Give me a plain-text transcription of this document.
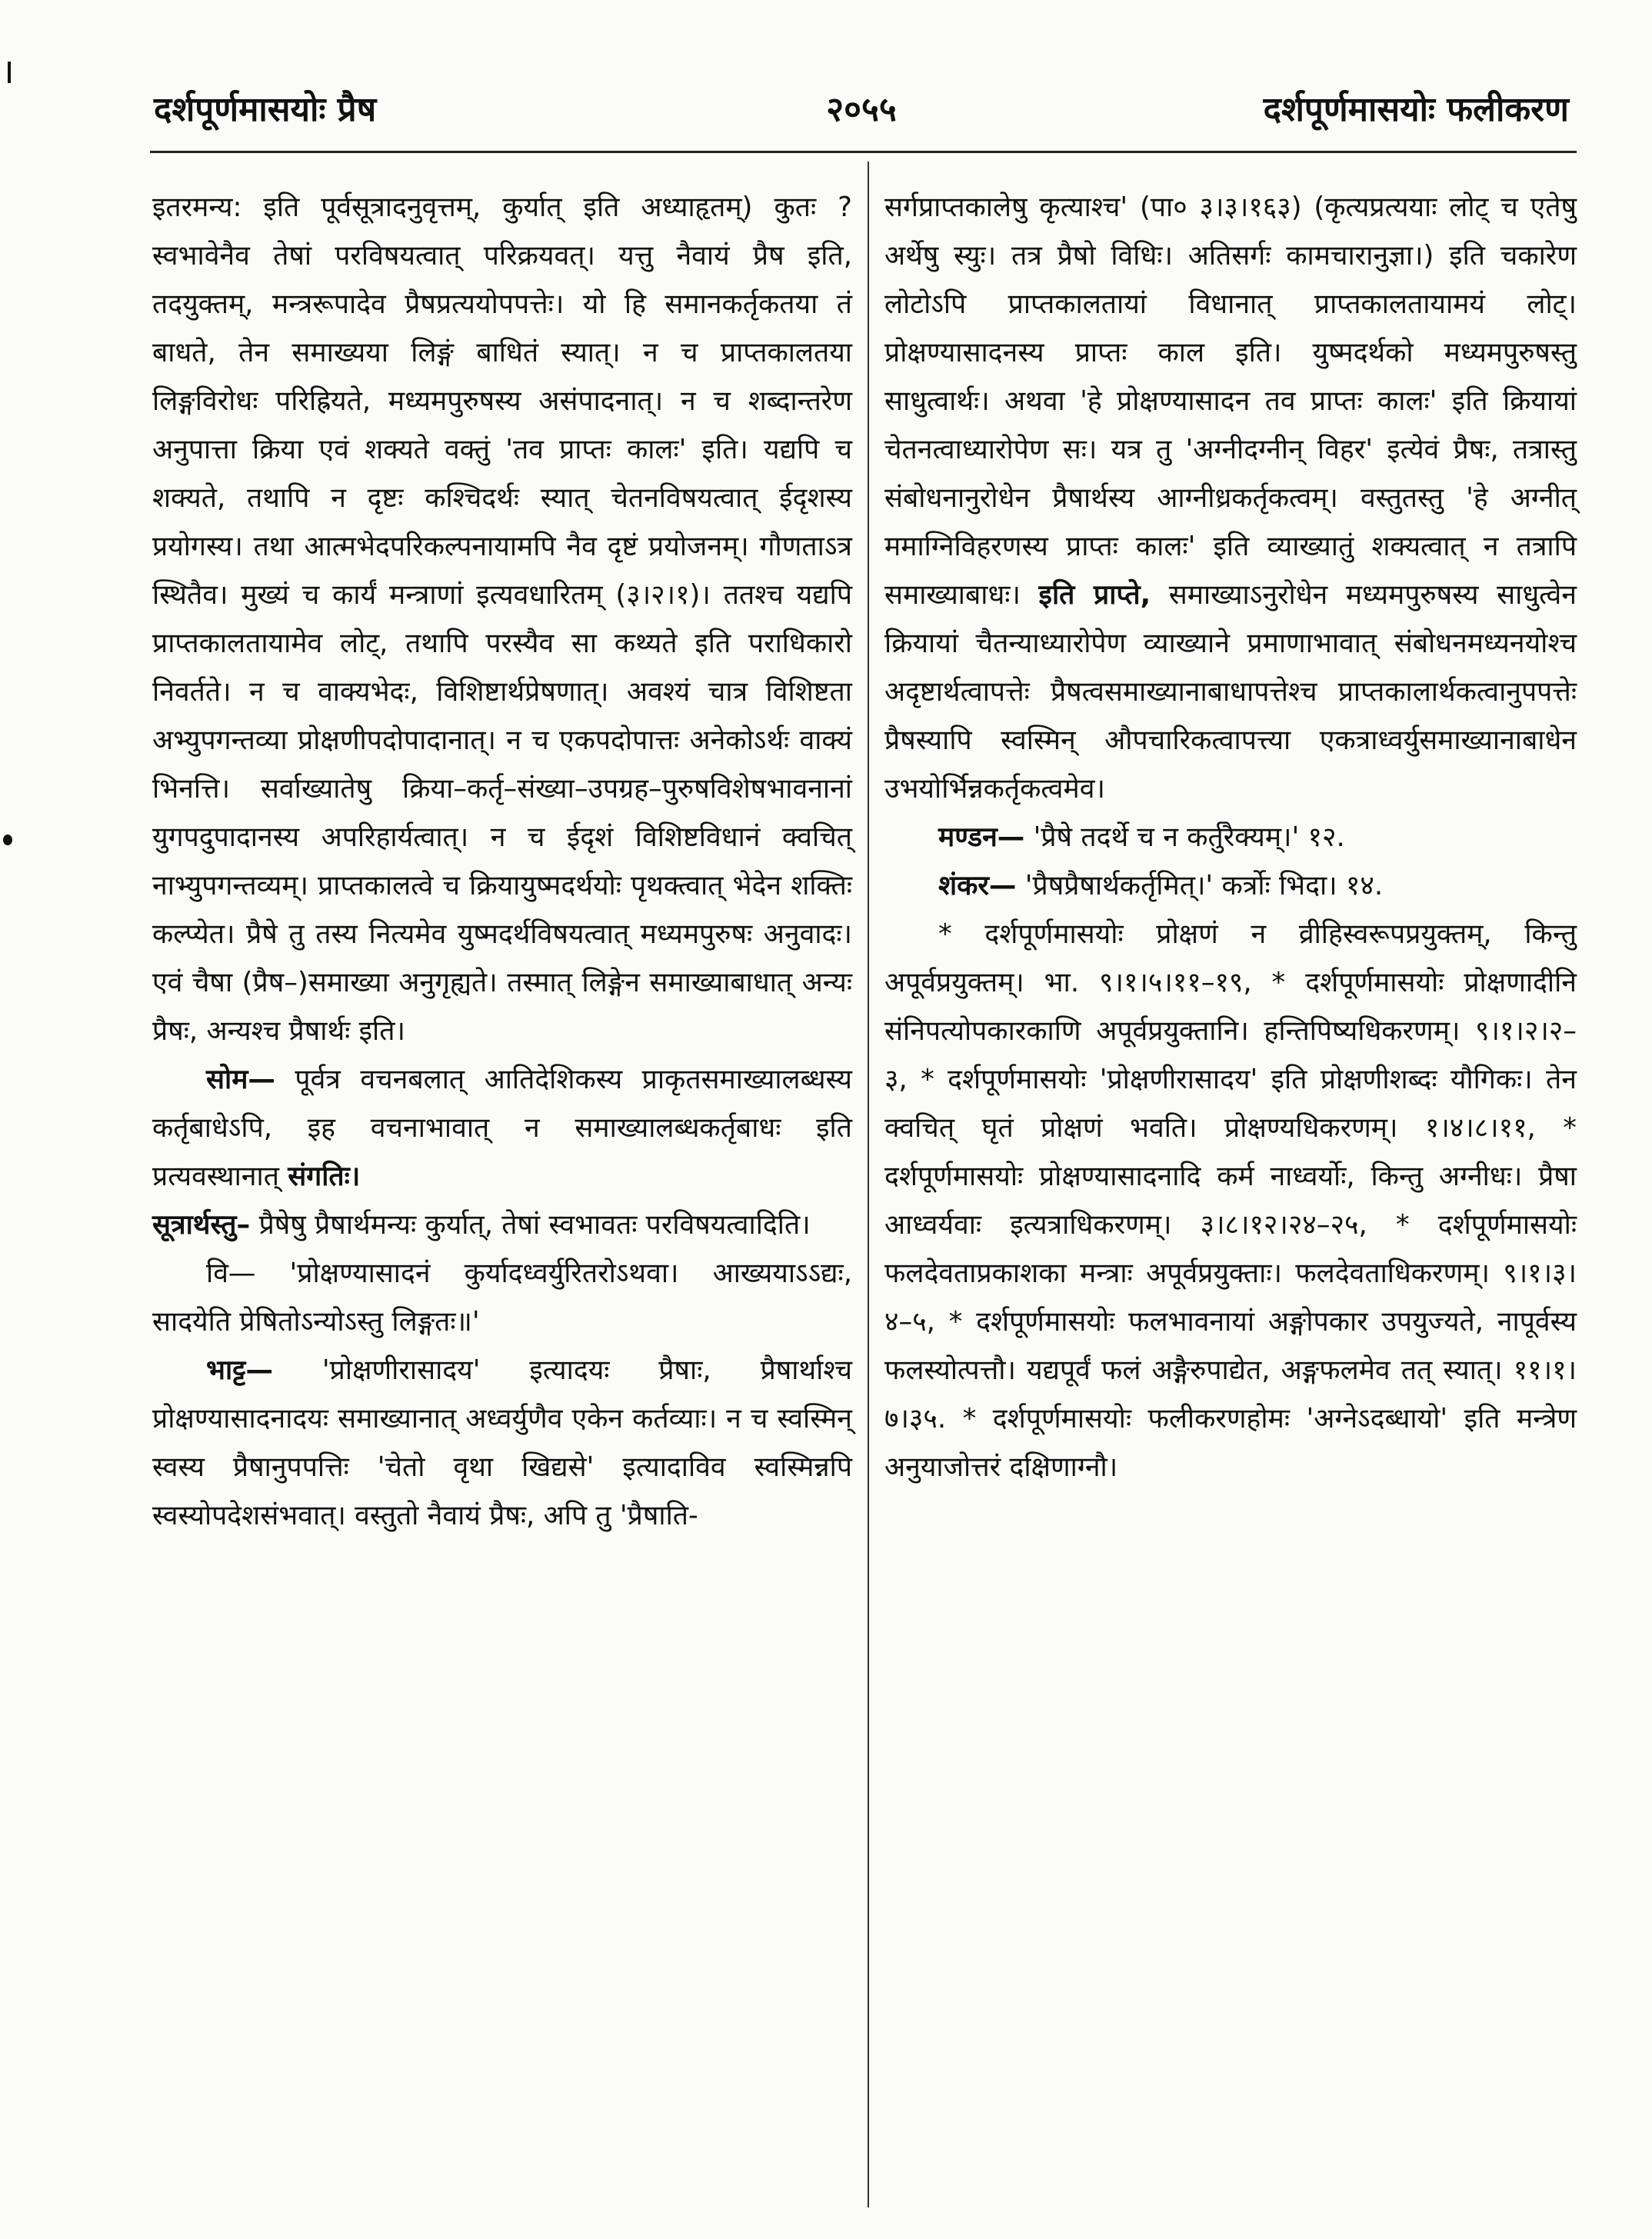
दर्शपूर्णमासयोः प्रैष	२०५५	दर्शपूर्णमासयोः फलीकरण

इतरमन्य: इति पूर्वसूत्रादनुवृत्तम्, कुर्यात् इति अध्याहृतम्) कुतः ? स्वभावेनैव तेषां परविषयत्वात् परिक्रयवत्। यत्तु नैवायं प्रैष इति, तदयुक्तम्, मन्त्ररूपादेव प्रैषप्रत्ययोपपत्तेः। यो हि समानकर्तृकतया तं बाधते, तेन समाख्यया लिङ्गं बाधितं स्यात्। न च प्राप्तकालतया लिङ्गविरोधः परिह्रियते, मध्यमपुरुषस्य असंपादनात्। न च शब्दान्तरेण अनुपात्ता क्रिया एवं शक्यते वक्तुं 'तव प्राप्तः कालः' इति। यद्यपि च शक्यते, तथापि न दृष्टः कश्चिदर्थः स्यात् चेतनविषयत्वात् ईदृशस्य प्रयोगस्य। तथा आत्मभेदपरिकल्पनायामपि नैव दृष्टं प्रयोजनम्। गौणताऽत्र स्थितैव। मुख्यं च कार्यं मन्त्राणां इत्यवधारितम् (३।२।१)। ततश्च यद्यपि प्राप्तकालतायामेव लोट्, तथापि परस्यैव सा कथ्यते इति पराधिकारो निवर्तते। न च वाक्यभेदः, विशिष्टार्थप्रेषणात्। अवश्यं चात्र विशिष्टता अभ्युपगन्तव्या प्रोक्षणीपदोपादानात्। न च एकपदोपात्तः अनेकोऽर्थः वाक्यं भिनत्ति। सर्वाख्यातेषु क्रिया–कर्तृ–संख्या–उपग्रह–पुरुषविशेषभावनानां युगपदुपादानस्य अपरिहार्यत्वात्। न च ईदृशं विशिष्टविधानं क्वचित् नाभ्युपगन्तव्यम्। प्राप्तकालत्वे च क्रियायुष्मदर्थयोः पृथक्त्वात् भेदेन शक्तिः कल्प्येत। प्रैषे तु तस्य नित्यमेव युष्मदर्थविषयत्वात् मध्यमपुरुषः अनुवादः। एवं चैषा (प्रैष–)समाख्या अनुगृह्यते। तस्मात् लिङ्गेन समाख्याबाधात् अन्यः प्रैषः, अन्यश्च प्रैषार्थः इति।

सोम— पूर्वत्र वचनबलात् आतिदेशिकस्य प्राकृतसमाख्यालब्धस्य कर्तृबाधेऽपि, इह वचनाभावात् न समाख्यालब्धकर्तृबाधः इति प्रत्यवस्थानात् संगतिः।

सूत्रार्थस्तु– प्रैषेषु प्रैषार्थमन्यः कुर्यात्, तेषां स्वभावतः परविषयत्वादिति।

वि— 'प्रोक्षण्यासादनं कुर्यादध्वर्युरितरोऽथवा। आख्ययाऽऽद्यः, सादयेति प्रेषितोऽन्योऽस्तु लिङ्गतः॥'

भाट्ट— 'प्रोक्षणीरासादय' इत्यादयः प्रैषाः, प्रैषार्थाश्च प्रोक्षण्यासादनादयः समाख्यानात् अध्वर्युणैव एकेन कर्तव्याः। न च स्वस्मिन् स्वस्य प्रैषानुपपत्तिः 'चेतो वृथा खिद्यसे' इत्यादाविव स्वस्मिन्नपि स्वस्योपदेशसंभवात्। वस्तुतो नैवायं प्रैषः, अपि तु 'प्रैषाति-

सर्गप्राप्तकालेषु कृत्याश्च' (पा० ३।३।१६३) (कृत्यप्रत्ययाः लोट् च एतेषु अर्थेषु स्युः। तत्र प्रैषो विधिः। अतिसर्गः कामचारानुज्ञा।) इति चकारेण लोटोऽपि प्राप्तकालतायां विधानात् प्राप्तकालतायामयं लोट्। प्रोक्षण्यासादनस्य प्राप्तः काल इति। युष्मदर्थको मध्यमपुरुषस्तु साधुत्वार्थः। अथवा 'हे प्रोक्षण्यासादन तव प्राप्तः कालः' इति क्रियायां चेतनत्वाध्यारोपेण सः। यत्र तु 'अग्नीदग्नीन् विहर' इत्येवं प्रैषः, तत्रास्तु संबोधनानुरोधेन प्रैषार्थस्य आग्नीध्रकर्तृकत्वम्। वस्तुतस्तु 'हे अग्नीत् ममाग्निविहरणस्य प्राप्तः कालः' इति व्याख्यातुं शक्यत्वात् न तत्रापि समाख्याबाधः। इति प्राप्ते, समाख्याऽनुरोधेन मध्यमपुरुषस्य साधुत्वेन क्रियायां चैतन्याध्यारोपेण व्याख्याने प्रमाणाभावात् संबोधनमध्यनयोश्च अदृष्टार्थत्वापत्तेः प्रैषत्वसमाख्यानाबाधापत्तेश्च प्राप्तकालार्थकत्वानुपपत्तेः प्रैषस्यापि स्वस्मिन् औपचारिकत्वापत्त्या एकत्राध्वर्युसमाख्यानाबाधेन उभयोर्भिन्नकर्तृकत्वमेव।

मण्डन— 'प्रैषे तदर्थे च न कर्तुरैक्यम्।' १२.

शंकर— 'प्रैषप्रैषार्थकर्तृमित्।' कर्त्रोः भिदा। १४.

* दर्शपूर्णमासयोः प्रोक्षणं न व्रीहिस्वरूपप्रयुक्तम्, किन्तु अपूर्वप्रयुक्तम्। भा. ९।१।५।११–१९, * दर्शपूर्णमासयोः प्रोक्षणादीनि संनिपत्योपकारकाणि अपूर्वप्रयुक्तानि। हन्तिपिष्यधिकरणम्। ९।१।२।२–३, * दर्शपूर्णमासयोः 'प्रोक्षणीरासादय' इति प्रोक्षणीशब्दः यौगिकः। तेन क्वचित् घृतं प्रोक्षणं भवति। प्रोक्षण्यधिकरणम्। १।४।८।११, * दर्शपूर्णमासयोः प्रोक्षण्यासादनादि कर्म नाध्वर्योः, किन्तु अग्नीधः। प्रैषा आध्वर्यवाः इत्यत्राधिकरणम्। ३।८।१२।२४–२५, * दर्शपूर्णमासयोः फलदेवताप्रकाशका मन्त्राः अपूर्वप्रयुक्ताः। फलदेवताधिकरणम्। ९।१।३।४–५, * दर्शपूर्णमासयोः फलभावनायां अङ्गोपकार उपयुज्यते, नापूर्वस्य फलस्योत्पत्तौ। यद्यपूर्वं फलं अङ्गैरुपाद्येत, अङ्गफलमेव तत् स्यात्। ११।१।७।३५. * दर्शपूर्णमासयोः फलीकरणहोमः 'अग्नेऽदब्धायो' इति मन्त्रेण अनुयाजोत्तरं दक्षिणाग्नौ।
